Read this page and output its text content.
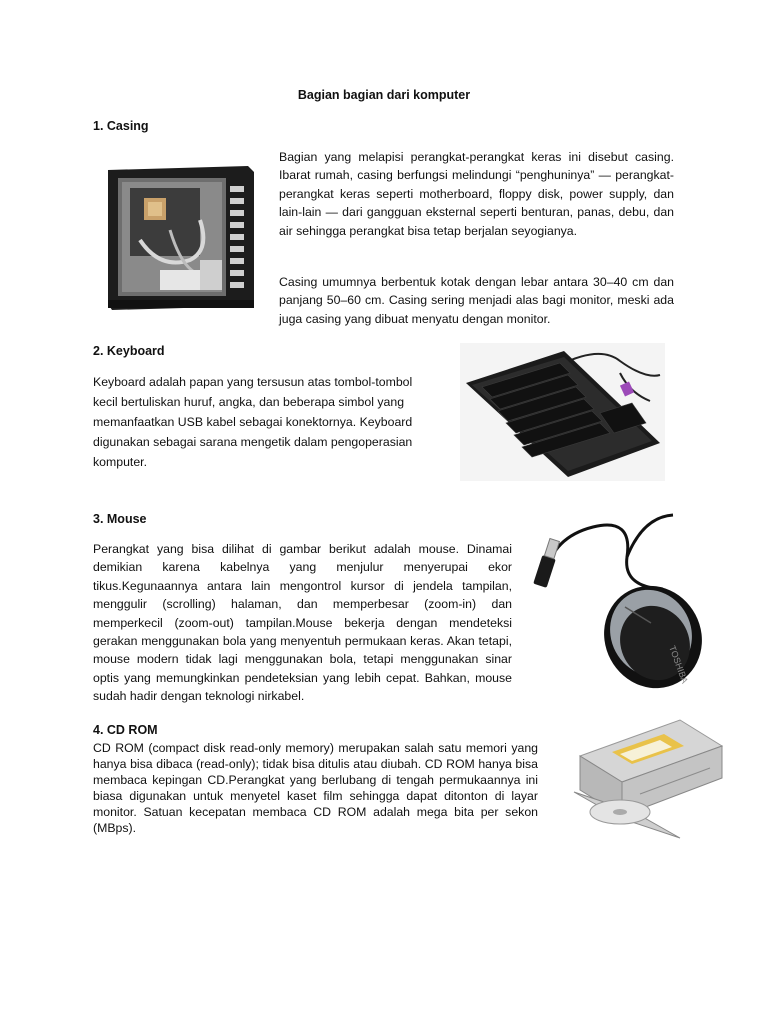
Bagian bagian dari komputer
1. Casing

Bagian yang melapisi perangkat-perangkat keras ini disebut casing. Ibarat rumah, casing berfungsi melindungi “penghuninya” — perangkat-perangkat keras seperti motherboard, floppy disk, power supply, dan lain-lain — dari gangguan eksternal seperti benturan, panas, debu, dan air sehingga perangkat bisa tetap berjalan seyogianya.

Casing umumnya berbentuk kotak dengan lebar antara 30–40 cm dan panjang 50–60 cm. Casing sering menjadi alas bagi monitor, meski ada juga casing yang dibuat menyatu dengan monitor.

2. Keyboard

Keyboard adalah papan yang tersusun atas tombol-tombol kecil bertuliskan huruf, angka, dan beberapa simbol yang memanfaatkan USB kabel sebagai konektornya. Keyboard digunakan sebagai sarana mengetik dalam pengoperasian komputer.

3. Mouse

Perangkat yang bisa dilihat di gambar berikut adalah mouse. Dinamai demikian karena kabelnya yang menjulur menyerupai ekor tikus.Kegunaannya antara lain mengontrol kursor di jendela tampilan, menggulir (scrolling) halaman, dan memperbesar (zoom-in) dan memperkecil (zoom-out) tampilan.Mouse bekerja dengan mendeteksi gerakan menggunakan bola yang menyentuh permukaan keras. Akan tetapi, mouse modern tidak lagi menggunakan bola, tetapi menggunakan sinar optis yang memungkinkan pendeteksian yang lebih cepat. Bahkan, mouse sudah hadir dengan teknologi nirkabel.

TOSHIBA
4. CD ROM

CD ROM (compact disk read-only memory) merupakan salah satu memori yang hanya bisa dibaca (read-only); tidak bisa ditulis atau diubah. CD ROM hanya bisa membaca kepingan CD.Perangkat yang berlubang di tengah permukaannya ini biasa digunakan untuk menyetel kaset film sehingga dapat ditonton di layar monitor. Satuan kecepatan membaca CD ROM adalah mega bita per sekon (MBps).
